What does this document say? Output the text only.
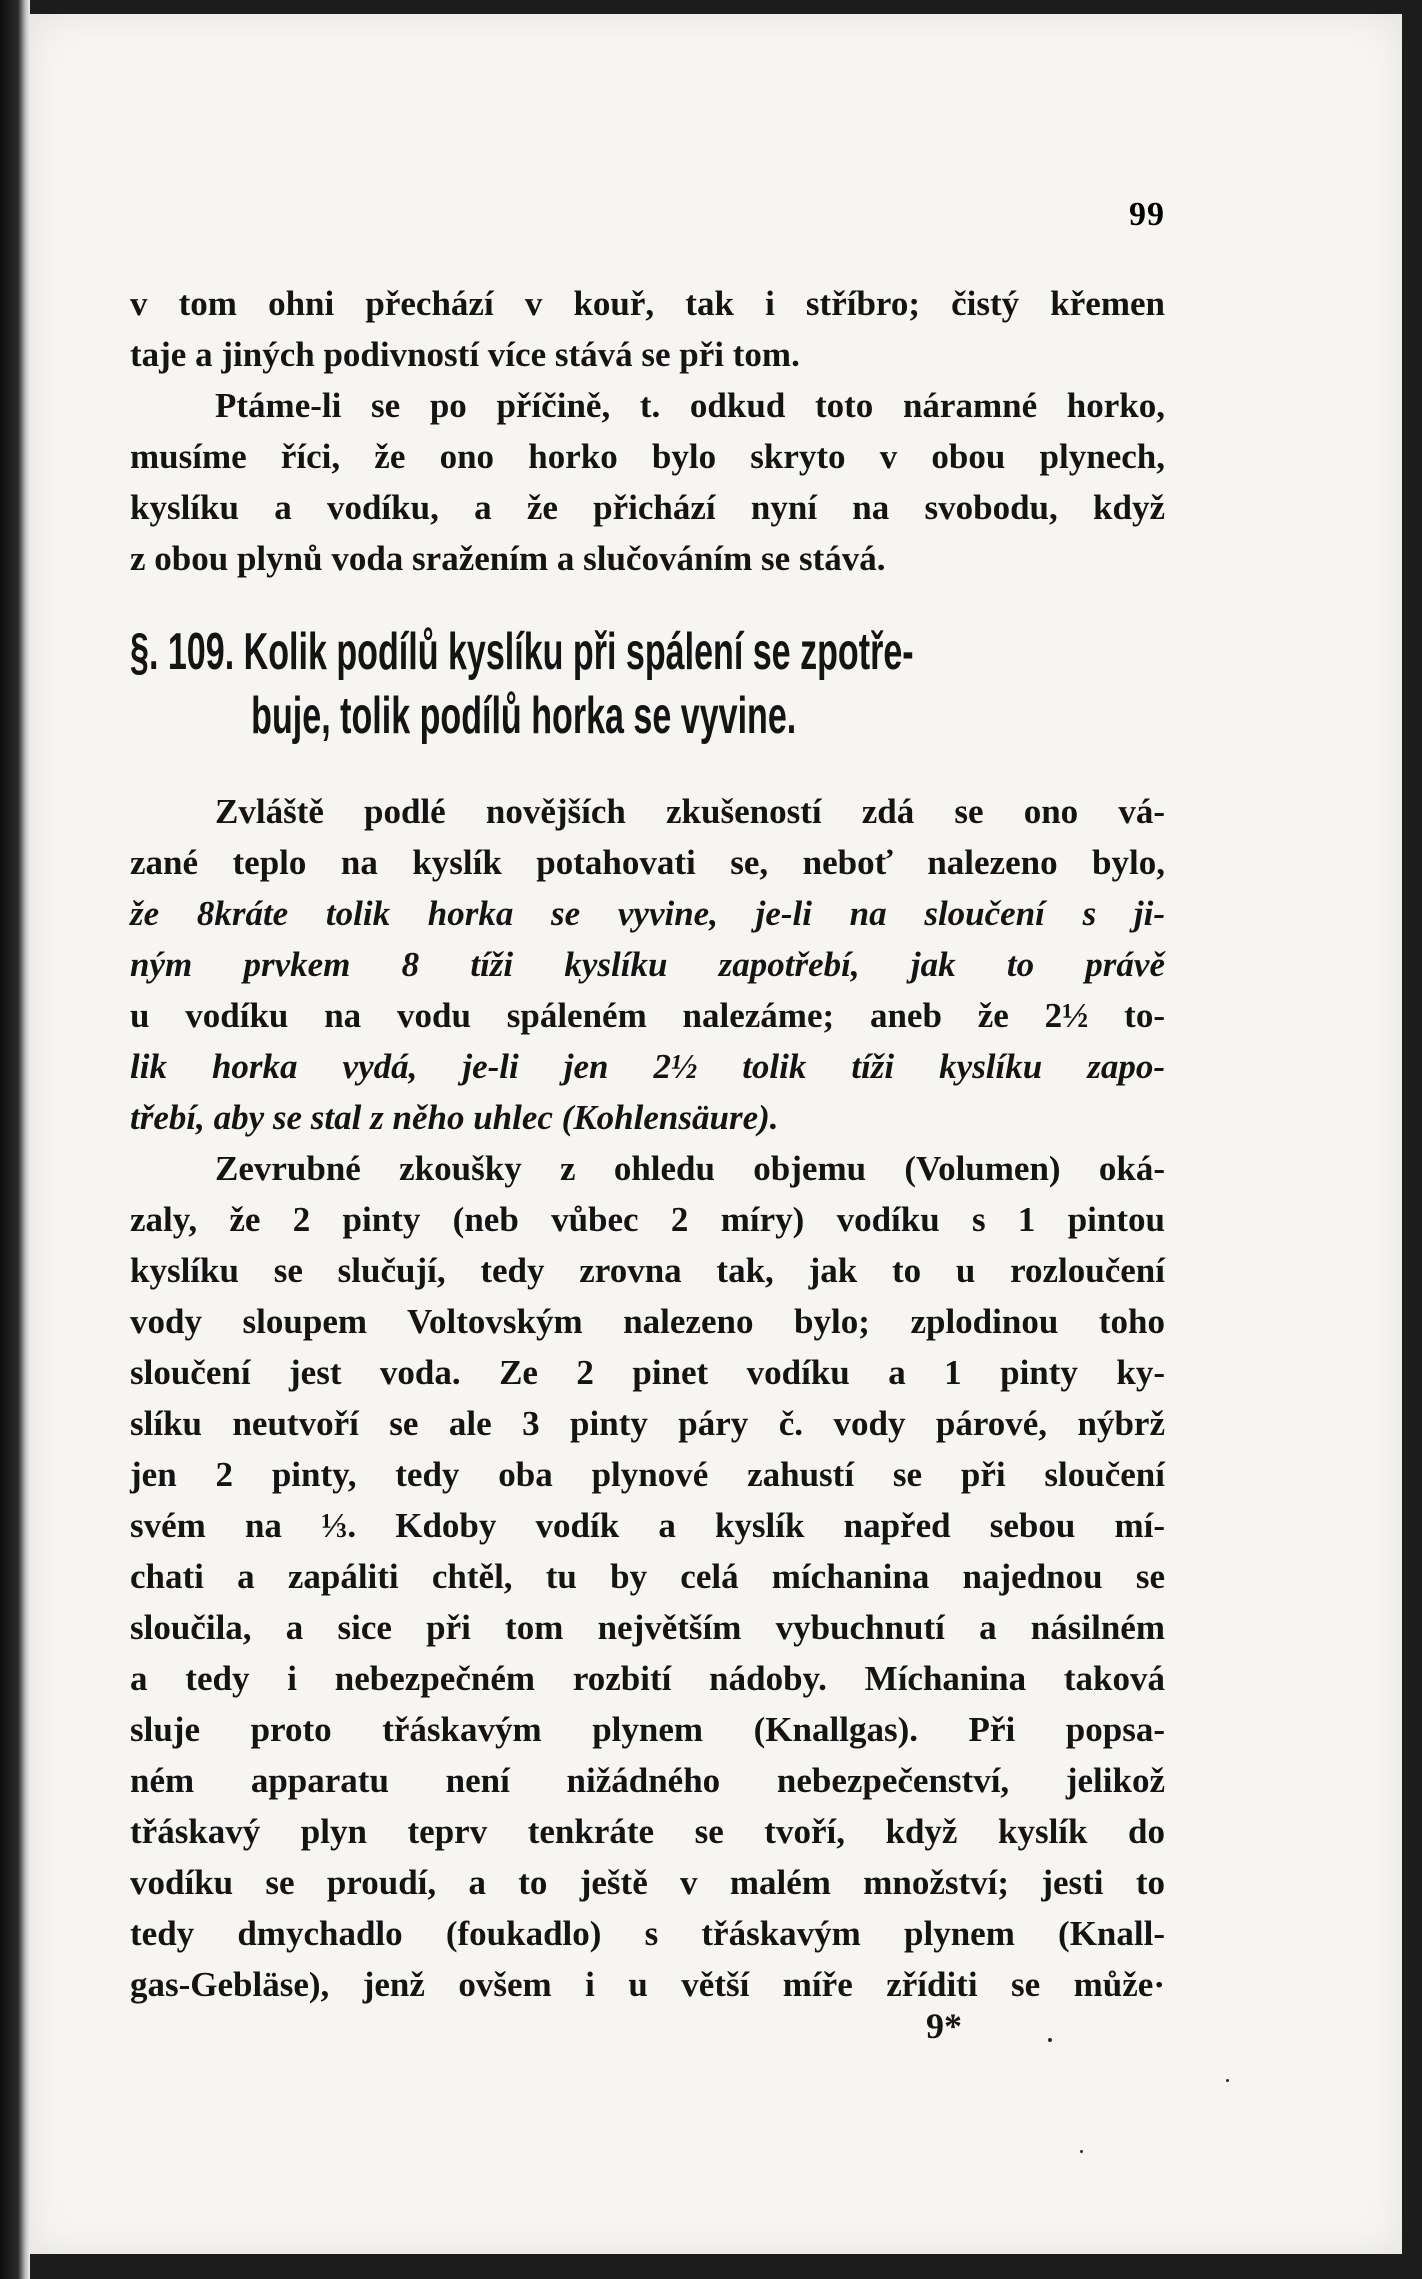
99
v tom ohni přechází v kouř, tak i stříbro; čistý křemen
taje a jiných podivností více stává se při tom.
Ptáme-li se po příčině, t. odkud toto náramné horko,
musíme říci, že ono horko bylo skryto v obou plynech,
kyslíku a vodíku, a že přichází nyní na svobodu, když
z obou plynů voda sražením a slučováním se stává.
§. 109. Kolik podílů kyslíku při spálení se zpotře-
buje, tolik podílů horka se vyvine.
Zvláště podlé novějších zkušeností zdá se ono vá-
zané teplo na kyslík potahovati se, neboť nalezeno bylo,
že 8kráte tolik horka se vyvine, je-li na sloučení s ji-
ným prvkem 8 tíži kyslíku zapotřebí, jak to právě
u vodíku na vodu spáleném nalezáme; aneb že 2½ to-
lik horka vydá, je-li jen 2½ tolik tíži kyslíku zapo-
třebí, aby se stal z něho uhlec (Kohlensäure).
Zevrubné zkoušky z ohledu objemu (Volumen) oká-
zaly, že 2 pinty (neb vůbec 2 míry) vodíku s 1 pintou
kyslíku se slučují, tedy zrovna tak, jak to u rozloučení
vody sloupem Voltovským nalezeno bylo; zplodinou toho
sloučení jest voda. Ze 2 pinet vodíku a 1 pinty ky-
slíku neutvoří se ale 3 pinty páry č. vody párové, nýbrž
jen 2 pinty, tedy oba plynové zahustí se při sloučení
svém na ⅓. Kdoby vodík a kyslík napřed sebou mí-
chati a zapáliti chtěl, tu by celá míchanina najednou se
sloučila, a sice při tom největším vybuchnutí a násilném
a tedy i nebezpečném rozbití nádoby. Míchanina taková
sluje proto třáskavým plynem (Knallgas). Při popsa-
ném apparatu není nižádného nebezpečenství, jelikož
třáskavý plyn teprv tenkráte se tvoří, když kyslík do
vodíku se proudí, a to ještě v malém množství; jesti to
tedy dmychadlo (foukadlo) s třáskavým plynem (Knall-
gas-Gebläse), jenž ovšem i u větší míře zříditi se může·
9*
